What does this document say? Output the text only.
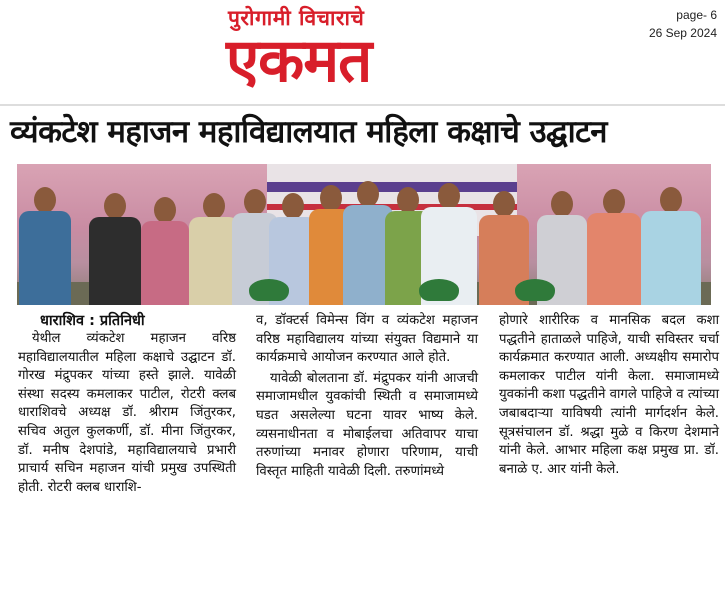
पुरोगामी विचाराचे
एकमत
page- 6
26 Sep 2024
व्यंकटेश महाजन महाविद्यालयात महिला कक्षाचे उद्घाटन
धाराशिव : प्रतिनिधी

येथील व्यंकटेश महाजन वरिष्ठ महाविद्यालयातील महिला कक्षाचे उद्घाटन डॉ. गोरख मंद्रुपकर यांच्या हस्ते झाले. यावेळी संस्था सदस्य कमलाकर पाटील, रोटरी क्लब धाराशिवचे अध्यक्ष डॉ. श्रीराम जिंतुरकर, सचिव अतुल कुलकर्णी, डॉ. मीना जिंतुरकर, डॉ. मनीष देशपांडे, महाविद्यालयाचे प्रभारी प्राचार्य सचिन महाजन यांची प्रमुख उपस्थिती होती. रोटरी क्लब धाराशि-

व, डॉक्टर्स विमेन्स विंग व व्यंकटेश महाजन वरिष्ठ महाविद्यालय यांच्या संयुक्त विद्यमाने या कार्यक्रमाचे आयोजन करण्यात आले होते.

यावेळी बोलताना डॉ. मंद्रुपकर यांनी आजची समाजामधील युवकांची स्थिती व समाजामध्ये घडत असलेल्या घटना यावर भाष्य केले. व्यसनाधीनता व मोबाईलचा अतिवापर याचा तरुणांच्या मनावर होणारा परिणाम, याची विस्तृत माहिती यावेळी दिली. तरुणांमध्ये

होणारे शारीरिक व मानसिक बदल कशा पद्धतीने हाताळले पाहिजे, याची सविस्तर चर्चा कार्यक्रमात करण्यात आली. अध्यक्षीय समारोप कमलाकर पाटील यांनी केला. समाजामध्ये युवकांनी कशा पद्धतीने वागले पाहिजे व त्यांच्या जबाबदाऱ्या याविषयी त्यांनी मार्गदर्शन केले. सूत्रसंचालन डॉ. श्रद्धा मुळे व किरण देशमाने यांनी केले. आभार महिला कक्ष प्रमुख प्रा. डॉ. बनाळे ए. आर यांनी केले.
